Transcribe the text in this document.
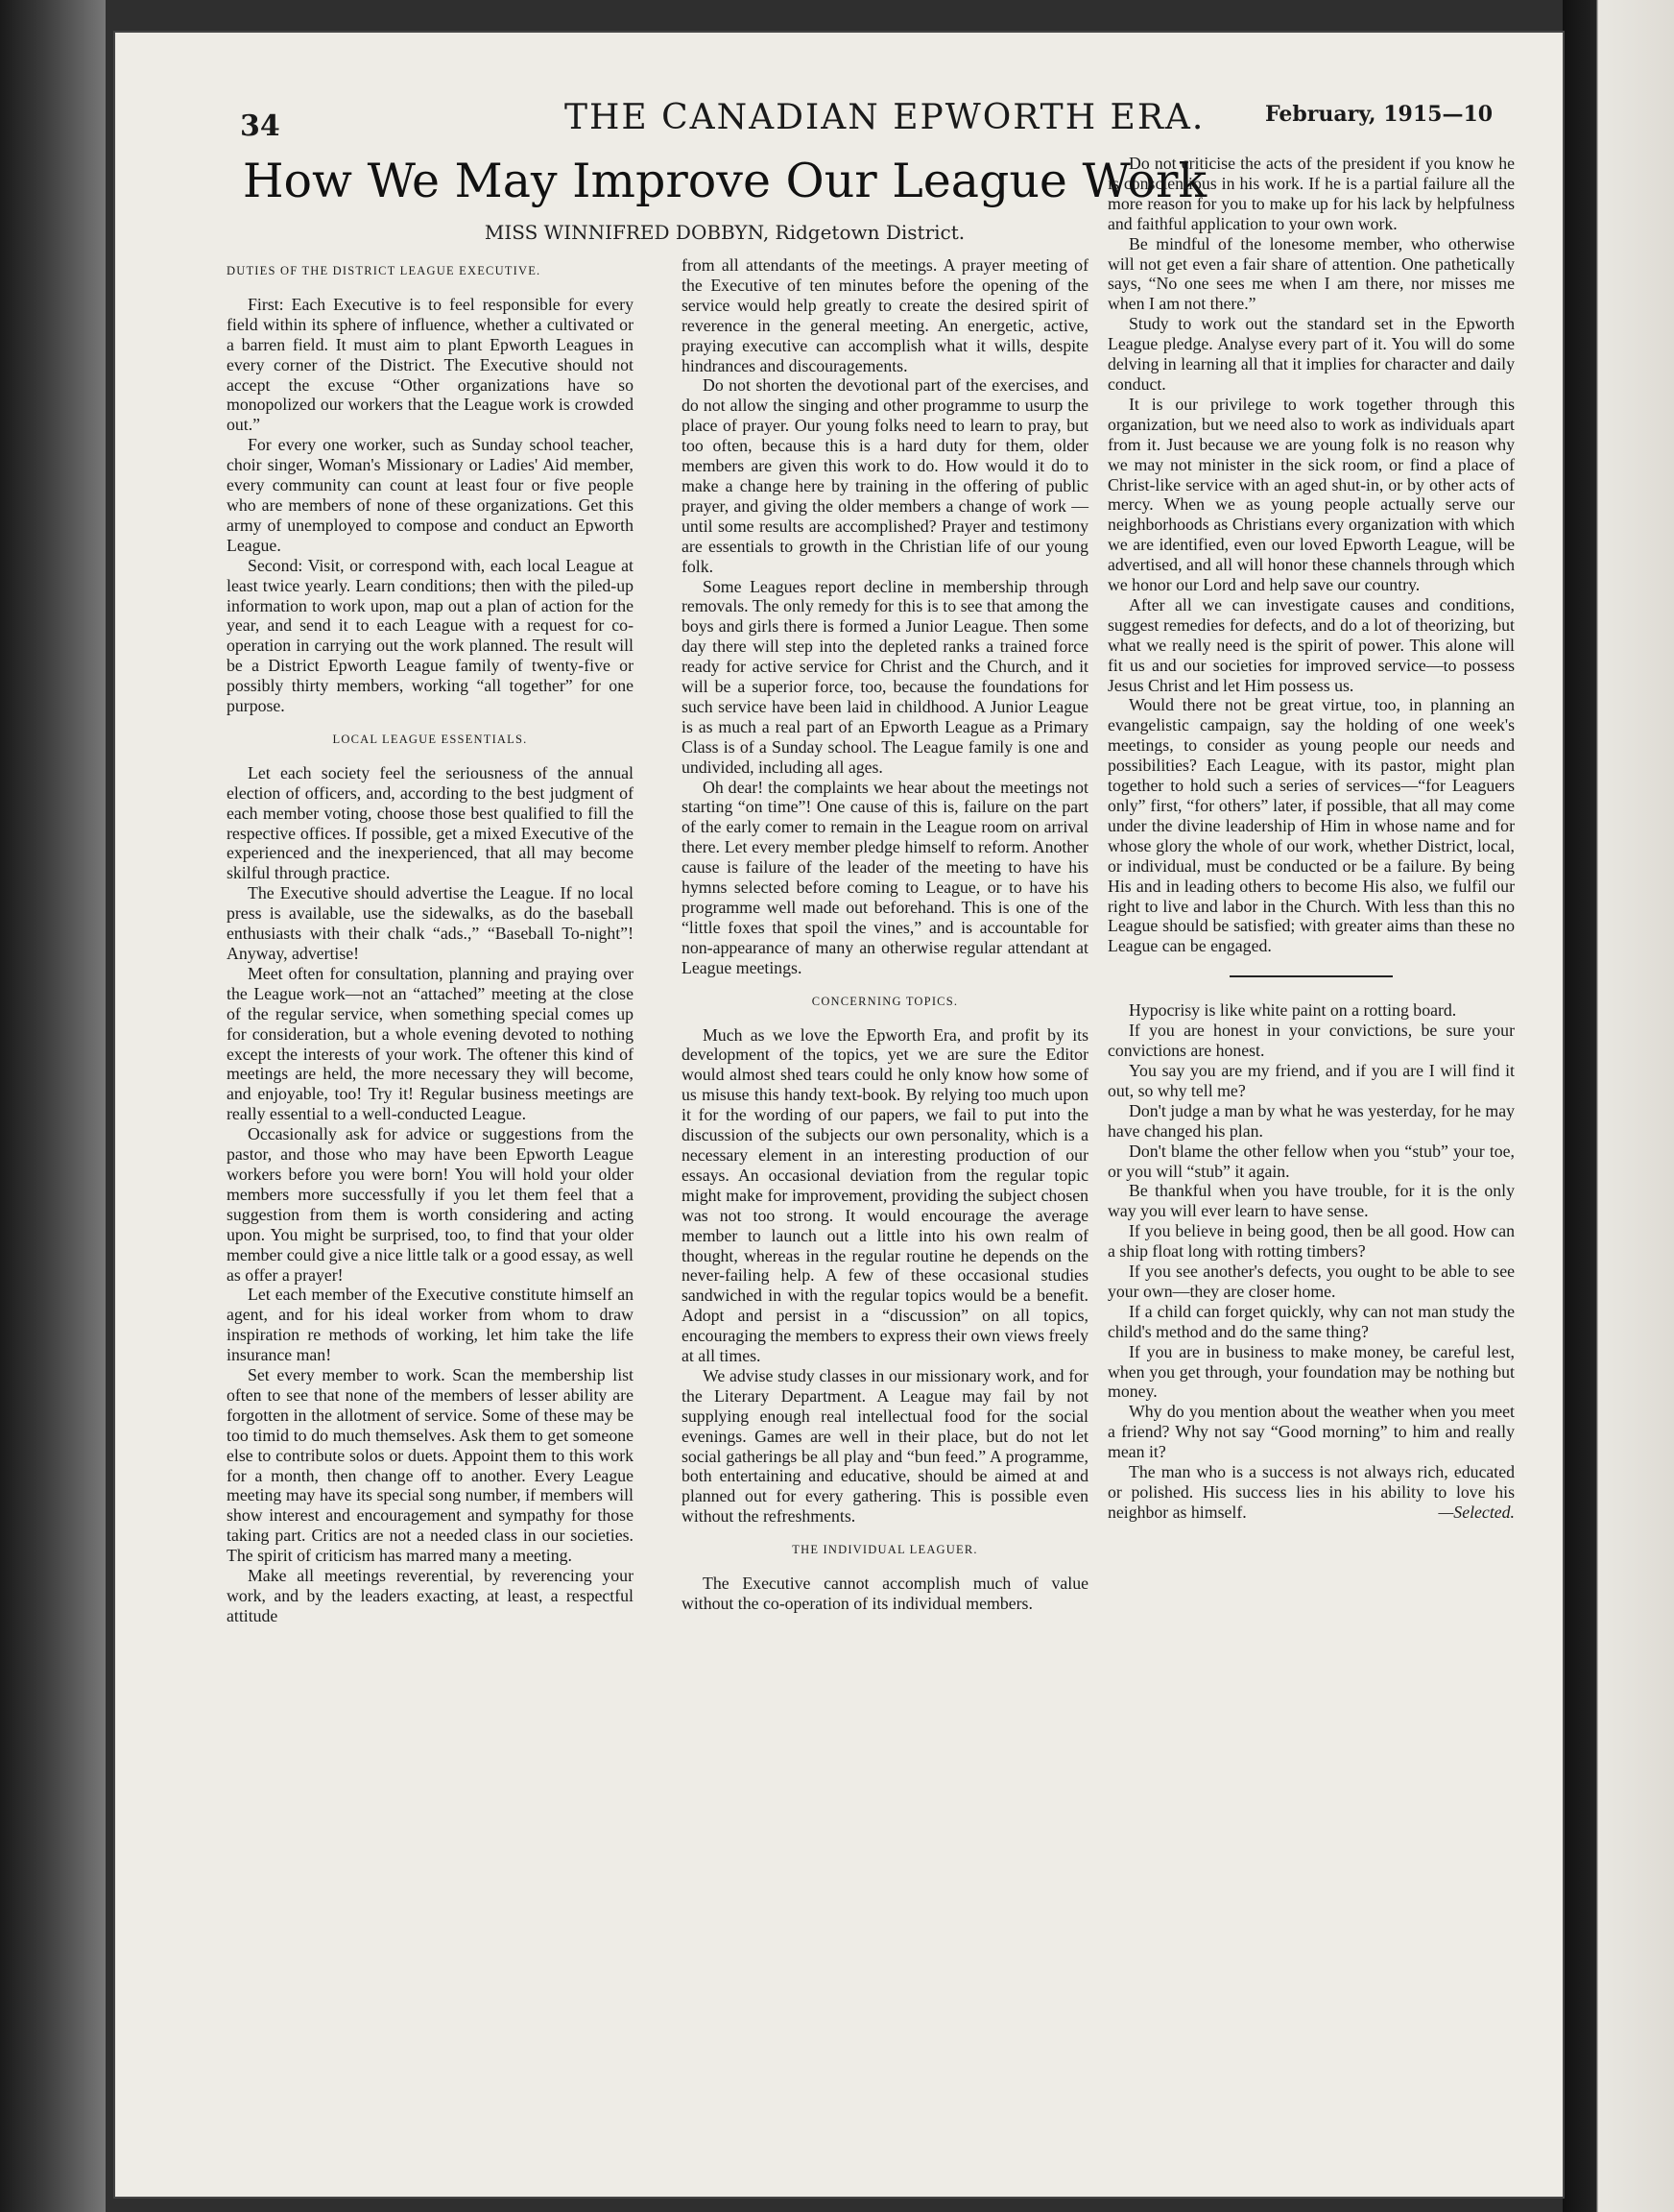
34	THE CANADIAN EPWORTH ERA.	February, 1915—10
How We May Improve Our League Work
MISS WINNIFRED DOBBYN, Ridgetown District.

DUTIES OF THE DISTRICT LEAGUE EXECUTIVE.

First: Each Executive is to feel responsible for every field within its sphere of influence, whether a cultivated or a barren field. It must aim to plant Epworth Leagues in every corner of the District. The Executive should not accept the excuse “Other organizations have so monopolized our workers that the League work is crowded out.”

For every one worker, such as Sunday school teacher, choir singer, Woman's Missionary or Ladies' Aid member, every community can count at least four or five people who are members of none of these organizations. Get this army of unemployed to compose and conduct an Epworth League.

Second: Visit, or correspond with, each local League at least twice yearly. Learn conditions; then with the piled-up information to work upon, map out a plan of action for the year, and send it to each League with a request for co-operation in carrying out the work planned. The result will be a District Epworth League family of twenty-five or possibly thirty members, working “all together” for one purpose.

LOCAL LEAGUE ESSENTIALS.

Let each society feel the seriousness of the annual election of officers, and, according to the best judgment of each member voting, choose those best qualified to fill the respective offices. If possible, get a mixed Executive of the experienced and the inexperienced, that all may become skilful through practice.

The Executive should advertise the League. If no local press is available, use the sidewalks, as do the baseball enthusiasts with their chalk “ads.,” “Baseball To-night”! Anyway, advertise!

Meet often for consultation, planning and praying over the League work—not an “attached” meeting at the close of the regular service, when something special comes up for consideration, but a whole evening devoted to nothing except the interests of your work. The oftener this kind of meetings are held, the more necessary they will become, and enjoyable, too! Try it! Regular business meetings are really essential to a well-conducted League.

Occasionally ask for advice or suggestions from the pastor, and those who may have been Epworth League workers before you were born! You will hold your older members more successfully if you let them feel that a suggestion from them is worth considering and acting upon. You might be surprised, too, to find that your older member could give a nice little talk or a good essay, as well as offer a prayer!

Let each member of the Executive constitute himself an agent, and for his ideal worker from whom to draw inspiration re methods of working, let him take the life insurance man!

Set every member to work. Scan the membership list often to see that none of the members of lesser ability are forgotten in the allotment of service. Some of these may be too timid to do much themselves. Ask them to get someone else to contribute solos or duets. Appoint them to this work for a month, then change off to another. Every League meeting may have its special song number, if members will show interest and encouragement and sympathy for those taking part. Critics are not a needed class in our societies. The spirit of criticism has marred many a meeting.

Make all meetings reverential, by reverencing your work, and by the leaders exacting, at least, a respectful attitude

from all attendants of the meetings. A prayer meeting of the Executive of ten minutes before the opening of the service would help greatly to create the desired spirit of reverence in the general meeting. An energetic, active, praying executive can accomplish what it wills, despite hindrances and discouragements.

Do not shorten the devotional part of the exercises, and do not allow the singing and other programme to usurp the place of prayer. Our young folks need to learn to pray, but too often, because this is a hard duty for them, older members are given this work to do. How would it do to make a change here by training in the offering of public prayer, and giving the older members a change of work —until some results are accomplished? Prayer and testimony are essentials to growth in the Christian life of our young folk.

Some Leagues report decline in membership through removals. The only remedy for this is to see that among the boys and girls there is formed a Junior League. Then some day there will step into the depleted ranks a trained force ready for active service for Christ and the Church, and it will be a superior force, too, because the foundations for such service have been laid in childhood. A Junior League is as much a real part of an Epworth League as a Primary Class is of a Sunday school. The League family is one and undivided, including all ages.

Oh dear! the complaints we hear about the meetings not starting “on time”! One cause of this is, failure on the part of the early comer to remain in the League room on arrival there. Let every member pledge himself to reform. Another cause is failure of the leader of the meeting to have his hymns selected before coming to League, or to have his programme well made out beforehand. This is one of the “little foxes that spoil the vines,” and is accountable for non-appearance of many an otherwise regular attendant at League meetings.

CONCERNING TOPICS.

Much as we love the Epworth Era, and profit by its development of the topics, yet we are sure the Editor would almost shed tears could he only know how some of us misuse this handy text-book. By relying too much upon it for the wording of our papers, we fail to put into the discussion of the subjects our own personality, which is a necessary element in an interesting production of our essays. An occasional deviation from the regular topic might make for improvement, providing the subject chosen was not too strong. It would encourage the average member to launch out a little into his own realm of thought, whereas in the regular routine he depends on the never-failing help. A few of these occasional studies sandwiched in with the regular topics would be a benefit. Adopt and persist in a “discussion” on all topics, encouraging the members to express their own views freely at all times.

We advise study classes in our missionary work, and for the Literary Department. A League may fail by not supplying enough real intellectual food for the social evenings. Games are well in their place, but do not let social gatherings be all play and “bun feed.” A programme, both entertaining and educative, should be aimed at and planned out for every gathering. This is possible even without the refreshments.

THE INDIVIDUAL LEAGUER.

The Executive cannot accomplish much of value without the co-operation of its individual members.

Do not criticise the acts of the president if you know he is conscientious in his work. If he is a partial failure all the more reason for you to make up for his lack by helpfulness and faithful application to your own work.

Be mindful of the lonesome member, who otherwise will not get even a fair share of attention. One pathetically says, “No one sees me when I am there, nor misses me when I am not there.”

Study to work out the standard set in the Epworth League pledge. Analyse every part of it. You will do some delving in learning all that it implies for character and daily conduct.

It is our privilege to work together through this organization, but we need also to work as individuals apart from it. Just because we are young folk is no reason why we may not minister in the sick room, or find a place of Christ-like service with an aged shut-in, or by other acts of mercy. When we as young people actually serve our neighborhoods as Christians every organization with which we are identified, even our loved Epworth League, will be advertised, and all will honor these channels through which we honor our Lord and help save our country.

After all we can investigate causes and conditions, suggest remedies for defects, and do a lot of theorizing, but what we really need is the spirit of power. This alone will fit us and our societies for improved service—to possess Jesus Christ and let Him possess us.

Would there not be great virtue, too, in planning an evangelistic campaign, say the holding of one week's meetings, to consider as young people our needs and possibilities? Each League, with its pastor, might plan together to hold such a series of services—“for Leaguers only” first, “for others” later, if possible, that all may come under the divine leadership of Him in whose name and for whose glory the whole of our work, whether District, local, or individual, must be conducted or be a failure. By being His and in leading others to become His also, we fulfil our right to live and labor in the Church. With less than this no League should be satisfied; with greater aims than these no League can be engaged.

Hypocrisy is like white paint on a rotting board.

If you are honest in your convictions, be sure your convictions are honest.

You say you are my friend, and if you are I will find it out, so why tell me?

Don't judge a man by what he was yesterday, for he may have changed his plan.

Don't blame the other fellow when you “stub” your toe, or you will “stub” it again.

Be thankful when you have trouble, for it is the only way you will ever learn to have sense.

If you believe in being good, then be all good. How can a ship float long with rotting timbers?

If you see another's defects, you ought to be able to see your own—they are closer home.

If a child can forget quickly, why can not man study the child's method and do the same thing?

If you are in business to make money, be careful lest, when you get through, your foundation may be nothing but money.

Why do you mention about the weather when you meet a friend? Why not say “Good morning” to him and really mean it?

The man who is a success is not always rich, educated or polished. His success lies in his ability to love his neighbor as himself.	—Selected.
